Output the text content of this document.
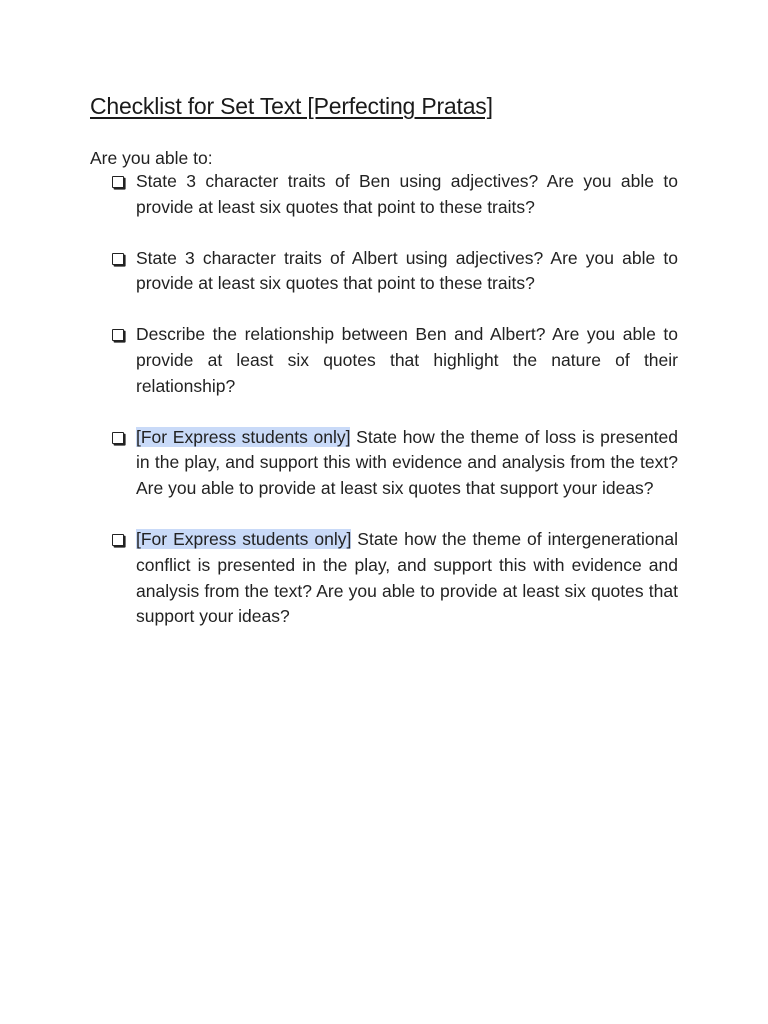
Checklist for Set Text [Perfecting Pratas]

Are you able to:

State 3 character traits of Ben using adjectives? Are you able to provide at least six quotes that point to these traits?
State 3 character traits of Albert using adjectives? Are you able to provide at least six quotes that point to these traits?
Describe the relationship between Ben and Albert? Are you able to provide at least six quotes that highlight the nature of their relationship?
[For Express students only] State how the theme of loss is presented in the play, and support this with evidence and analysis from the text? Are you able to provide at least six quotes that support your ideas?
[For Express students only] State how the theme of intergenerational conflict is presented in the play, and support this with evidence and analysis from the text? Are you able to provide at least six quotes that support your ideas?
